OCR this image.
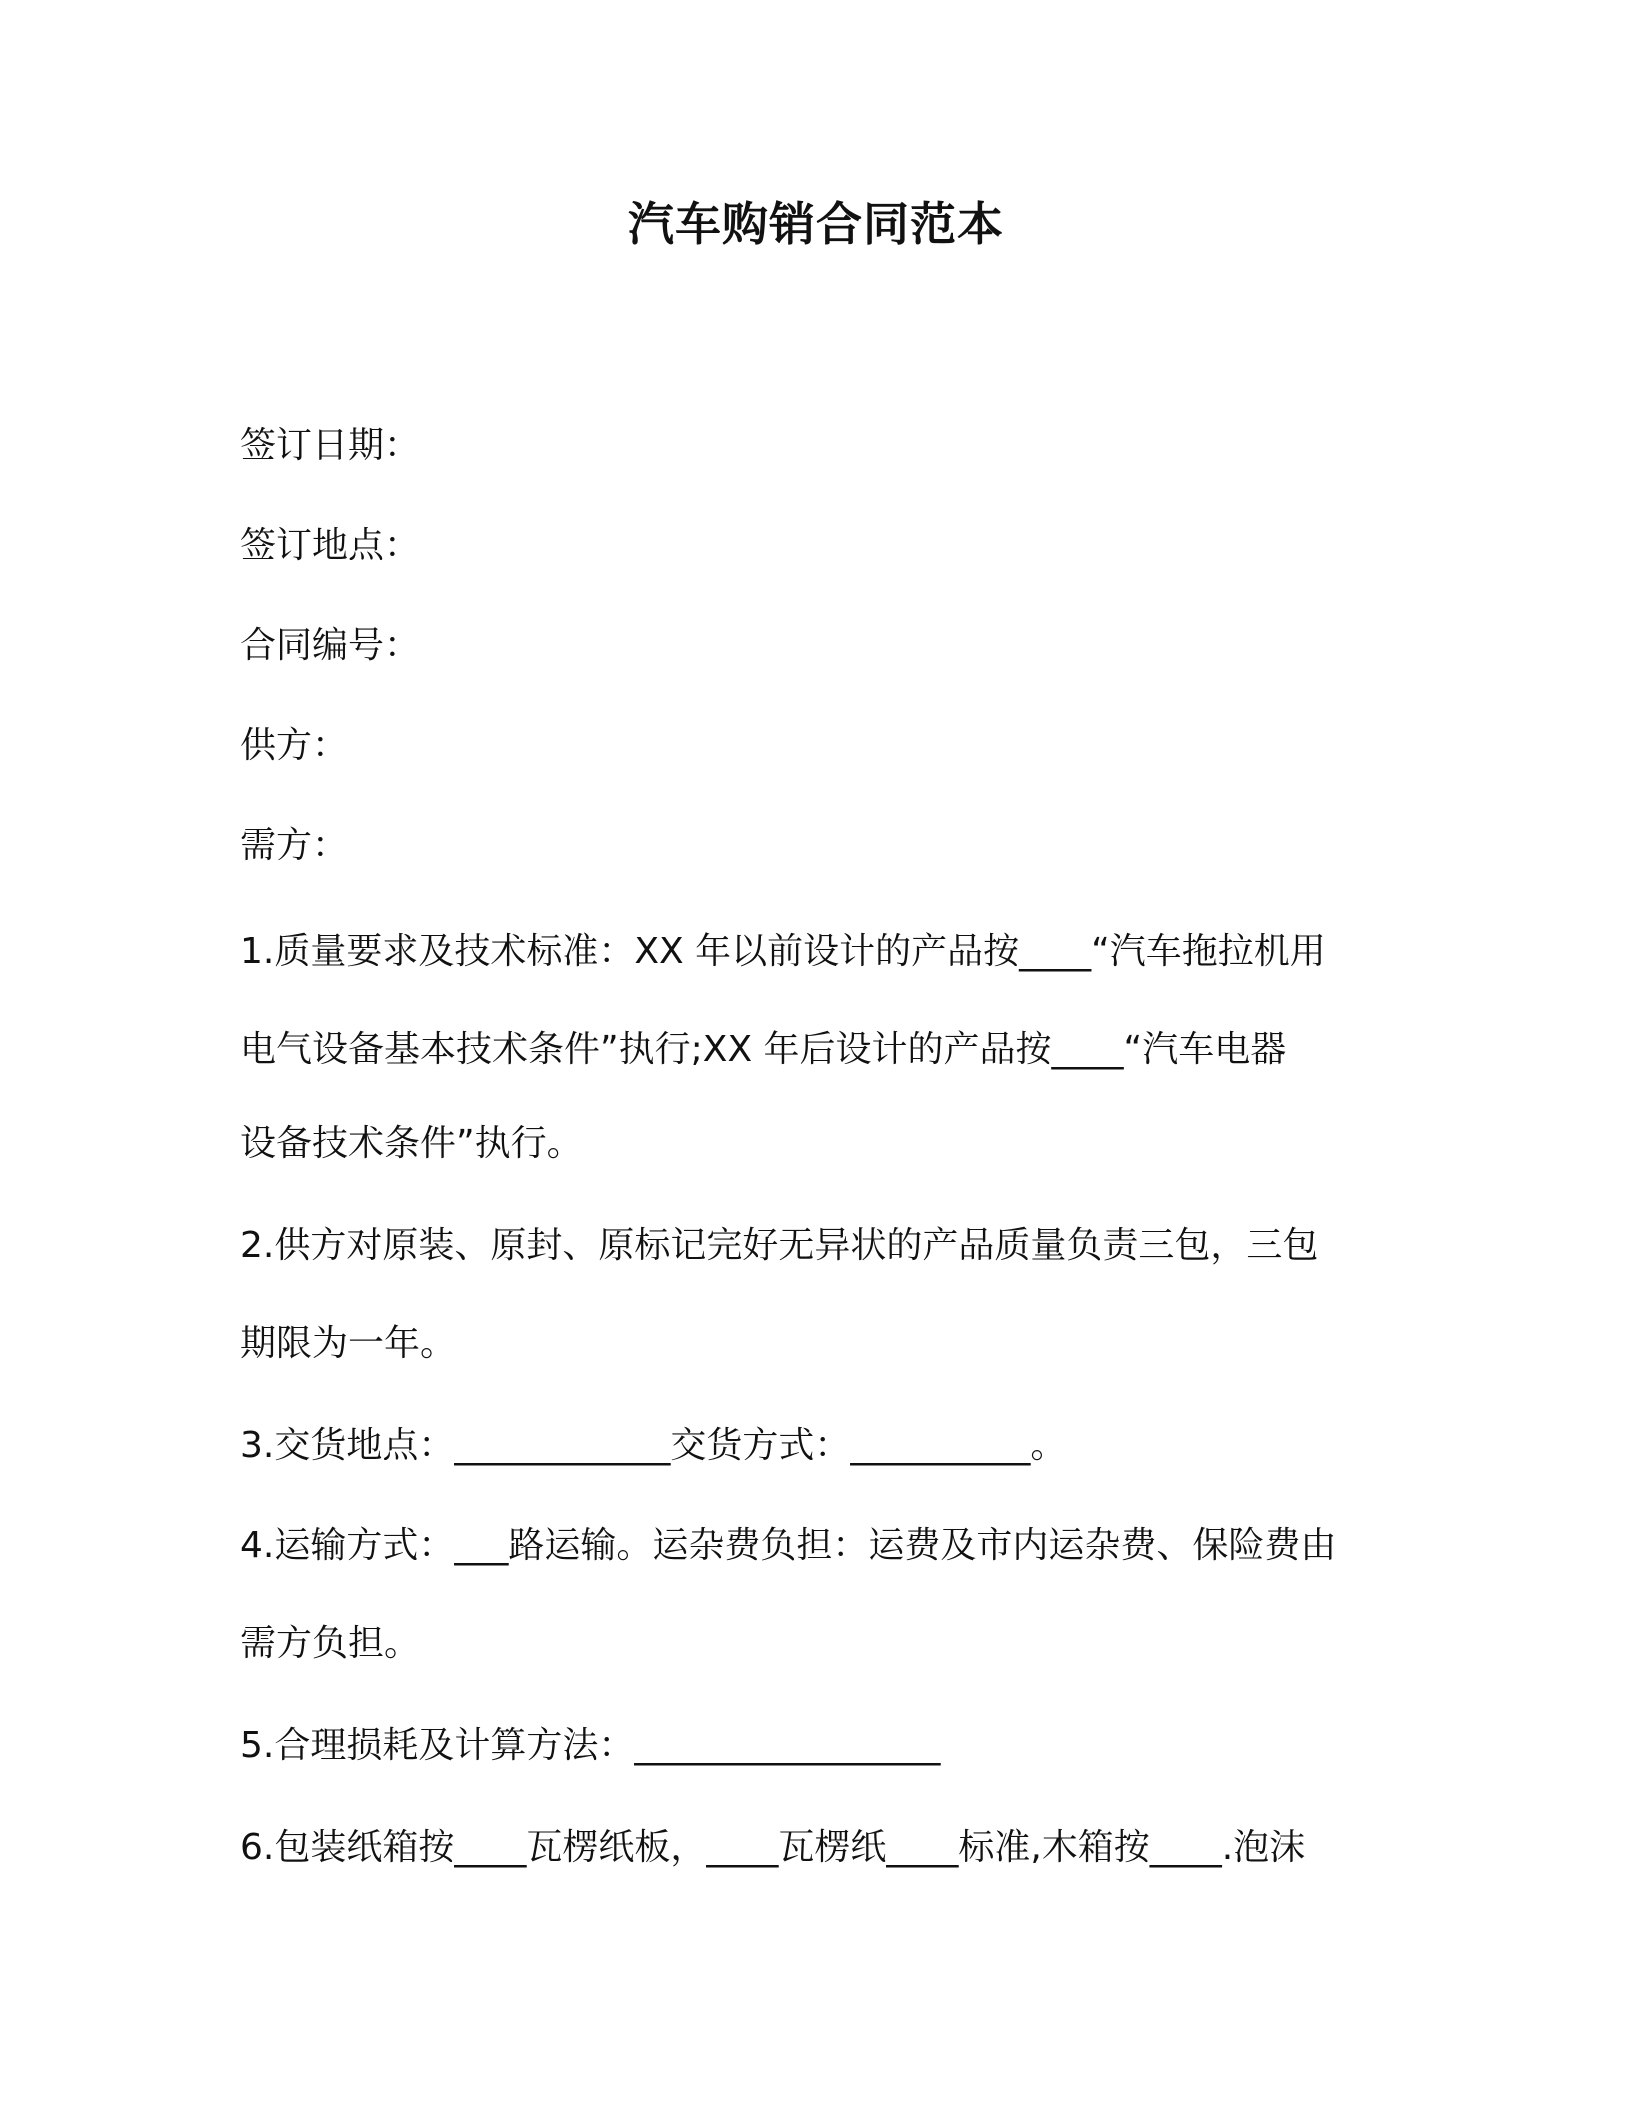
汽车购销合同范本
签订日期：
签订地点：
合同编号：
供方：
需方：
1.质量要求及技术标准：XX 年以前设计的产品按____“汽车拖拉机用
电气设备基本技术条件”执行;XX 年后设计的产品按____“汽车电器
设备技术条件”执行。
2.供方对原装、原封、原标记完好无异状的产品质量负责三包，三包
期限为一年。
3.交货地点：____________交货方式：__________。
4.运输方式：___路运输。运杂费负担：运费及市内运杂费、保险费由
需方负担。
5.合理损耗及计算方法：_________________
6.包装纸箱按____瓦楞纸板，____瓦楞纸____标准,木箱按____.泡沫
